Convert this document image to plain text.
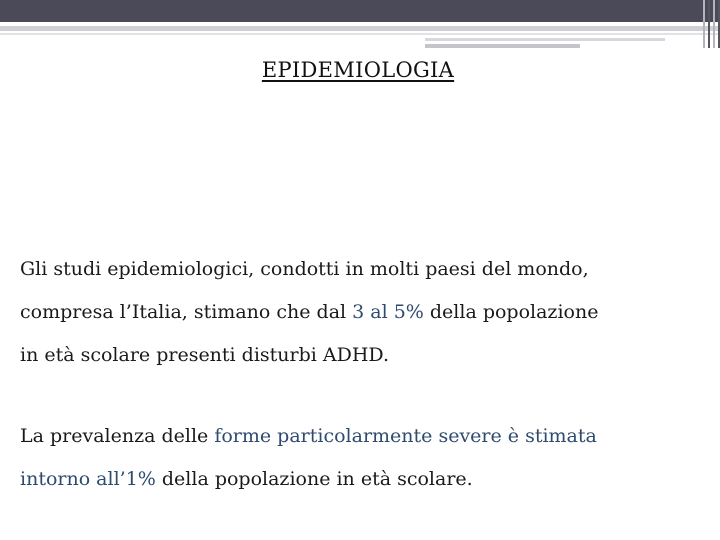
EPIDEMIOLOGIA
Gli studi epidemiologici, condotti in molti paesi del mondo,
compresa l’Italia, stimano che dal 3 al 5% della popolazione
in età scolare presenti disturbi ADHD.
La prevalenza delle forme particolarmente severe è stimata
intorno all’1% della popolazione in età scolare.
